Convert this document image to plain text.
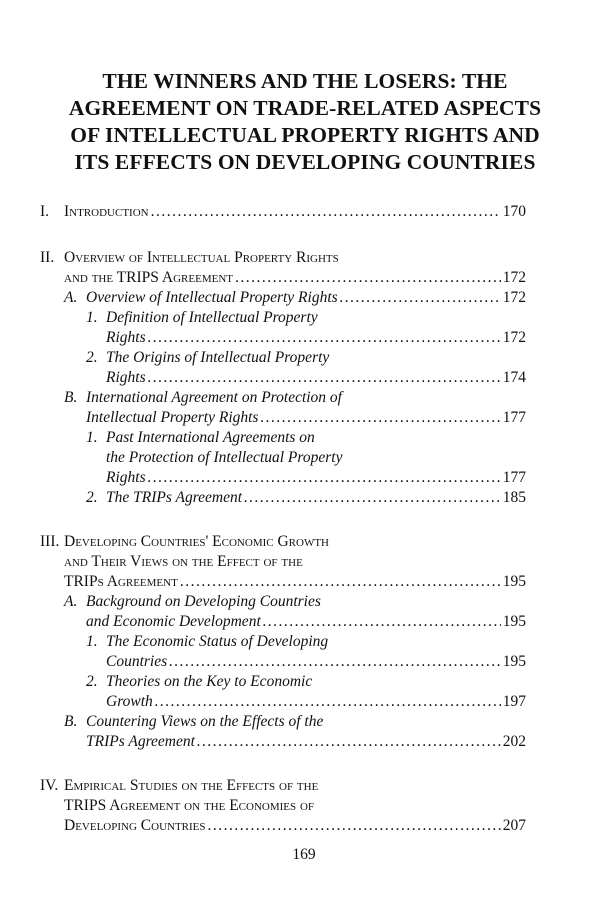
THE WINNERS AND THE LOSERS: THE
AGREEMENT ON TRADE-RELATED ASPECTS
OF INTELLECTUAL PROPERTY RIGHTS AND
ITS EFFECTS ON DEVELOPING COUNTRIES
I. Introduction .....	170
II. Overview of Intellectual Property Rights
and the TRIPS Agreement .....	172
A. Overview of Intellectual Property Rights .....	172
1. Definition of Intellectual Property
Rights .....	172
2. The Origins of Intellectual Property
Rights .....	174
B. International Agreement on Protection of
Intellectual Property Rights .....	177
1. Past International Agreements on
the Protection of Intellectual Property
Rights .....	177
2. The TRIPs Agreement .....	185
III. Developing Countries' Economic Growth
and Their Views on the Effect of the
TRIPs Agreement .....	195
A. Background on Developing Countries
and Economic Development .....	195
1. The Economic Status of Developing
Countries .....	195
2. Theories on the Key to Economic
Growth .....	197
B. Countering Views on the Effects of the
TRIPs Agreement .....	202
IV. Empirical Studies on the Effects of the
TRIPS Agreement on the Economies of
Developing Countries .....	207
169
